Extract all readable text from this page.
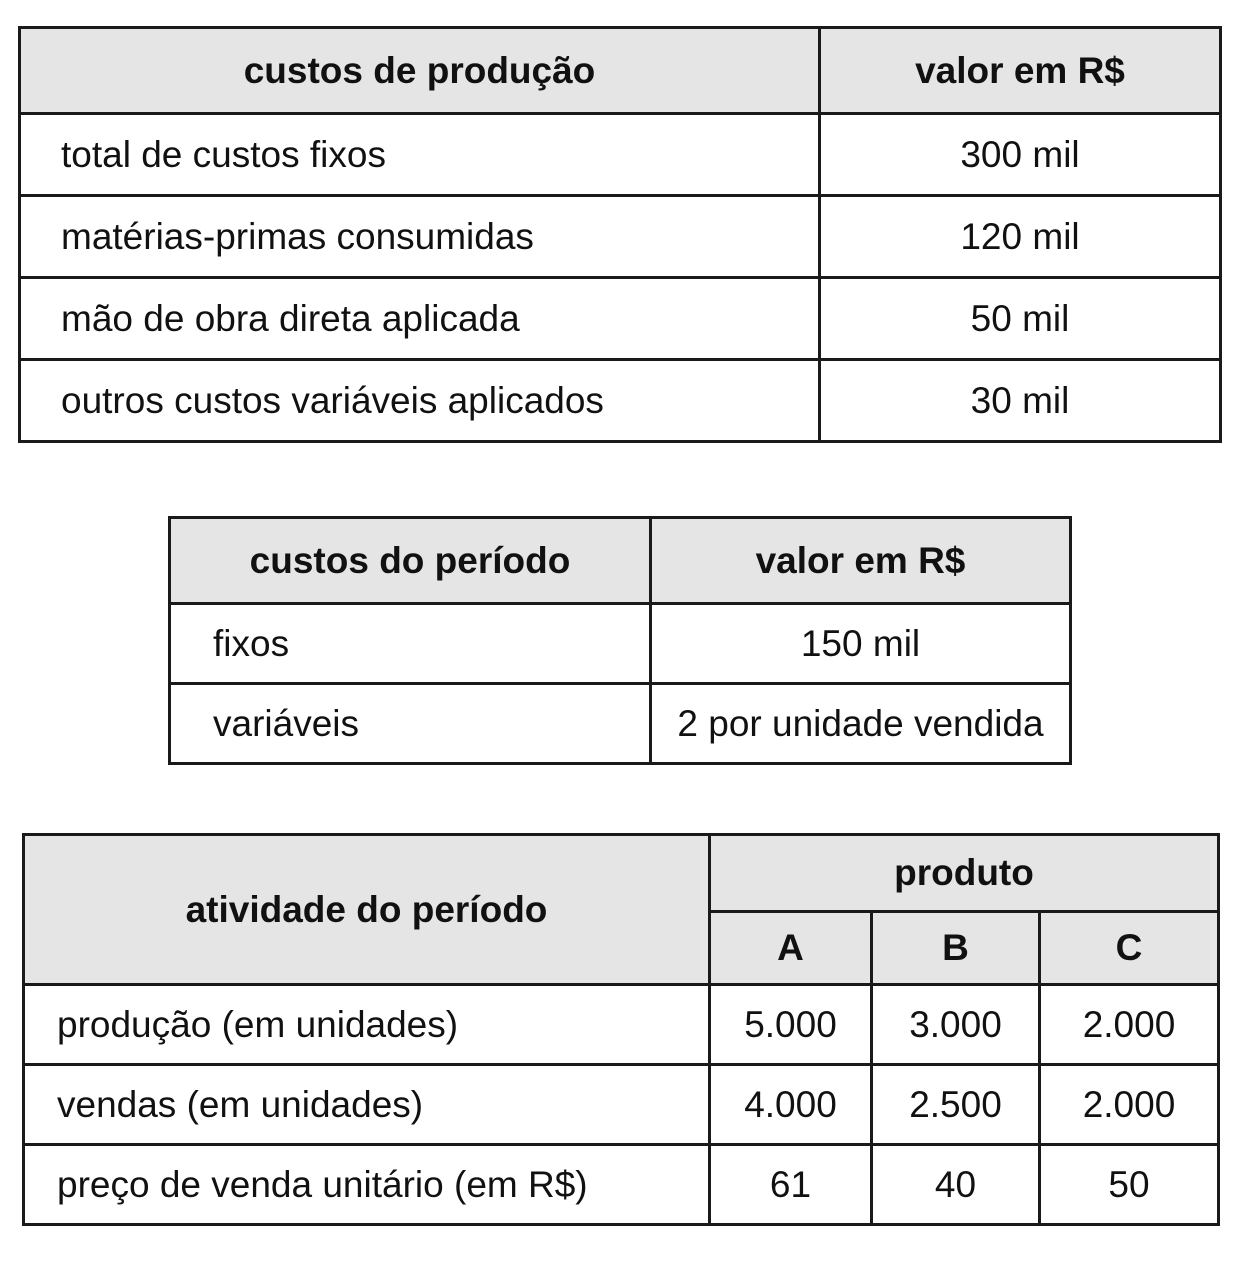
custos de produção	valor em R$
total de custos fixos	300 mil
matérias-primas consumidas	120 mil
mão de obra direta aplicada	50 mil
outros custos variáveis aplicados	30 mil
custos do período	valor em R$
fixos	150 mil
variáveis	2 por unidade vendida
atividade do período	produto		
	A	B	C
produção (em unidades)	5.000	3.000	2.000
vendas (em unidades)	4.000	2.500	2.000
preço de venda unitário (em R$)	61	40	50
